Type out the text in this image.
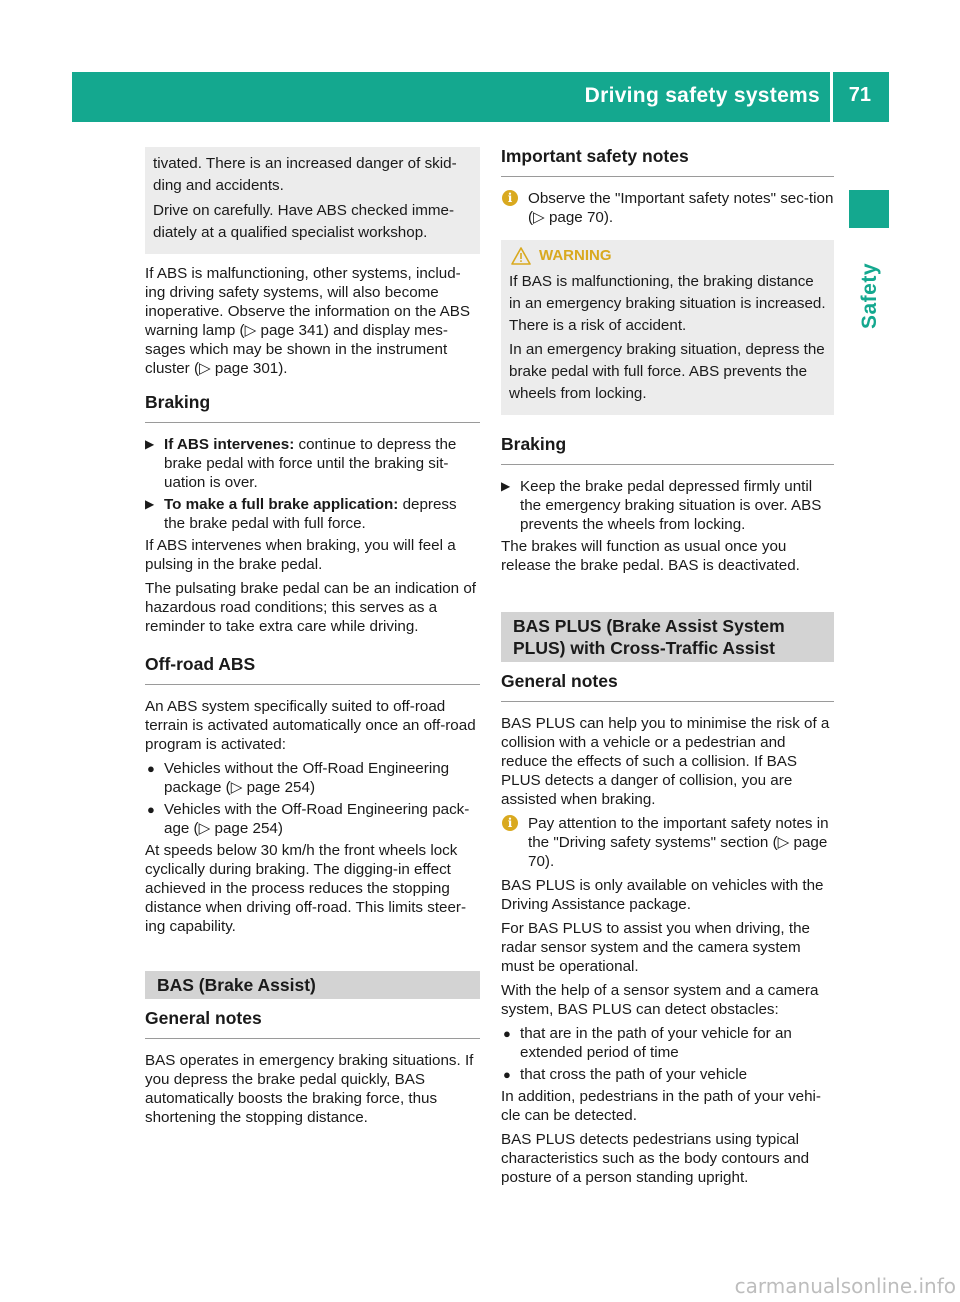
Driving safety systems 71
Safety

tivated. There is an increased danger of skid-ding and accidents.

Drive on carefully. Have ABS checked imme-diately at a qualified specialist workshop.

If ABS is malfunctioning, other systems, includ-ing driving safety systems, will also become inoperative. Observe the information on the ABS warning lamp (▷ page 341) and display mes-sages which may be shown in the instrument cluster (▷ page 301).

Braking
▶ If ABS intervenes: continue to depress the brake pedal with force until the braking sit-uation is over.
▶ To make a full brake application: depress the brake pedal with full force.

If ABS intervenes when braking, you will feel a pulsing in the brake pedal.

The pulsating brake pedal can be an indication of hazardous road conditions; this serves as a reminder to take extra care while driving.

Off-road ABS

An ABS system specifically suited to off-road terrain is activated automatically once an off-road program is activated:

● Vehicles without the Off-Road Engineering package (▷ page 254)
● Vehicles with the Off-Road Engineering pack-age (▷ page 254)

At speeds below 30 km/h the front wheels lock cyclically during braking. The digging-in effect achieved in the process reduces the stopping distance when driving off-road. This limits steer-ing capability.

BAS (Brake Assist)
General notes

BAS operates in emergency braking situations. If you depress the brake pedal quickly, BAS automatically boosts the braking force, thus shortening the stopping distance.

Important safety notes
i	Observe the "Important safety notes" sec-tion (▷ page 70).
WARNING

If BAS is malfunctioning, the braking distance in an emergency braking situation is increased. There is a risk of accident.

In an emergency braking situation, depress the brake pedal with full force. ABS prevents the wheels from locking.

Braking
▶ Keep the brake pedal depressed firmly until the emergency braking situation is over. ABS prevents the wheels from locking.

The brakes will function as usual once you release the brake pedal. BAS is deactivated.

BAS PLUS (Brake Assist System PLUS) with Cross-Traffic Assist
General notes

BAS PLUS can help you to minimise the risk of a collision with a vehicle or a pedestrian and reduce the effects of such a collision. If BAS PLUS detects a danger of collision, you are assisted when braking.

i	Pay attention to the important safety notes in the "Driving safety systems" section (▷ page 70).

BAS PLUS is only available on vehicles with the Driving Assistance package.

For BAS PLUS to assist you when driving, the radar sensor system and the camera system must be operational.

With the help of a sensor system and a camera system, BAS PLUS can detect obstacles:

● that are in the path of your vehicle for an extended period of time
● that cross the path of your vehicle

In addition, pedestrians in the path of your vehi-cle can be detected.

BAS PLUS detects pedestrians using typical characteristics such as the body contours and posture of a person standing upright.

carmanualsonline.info
